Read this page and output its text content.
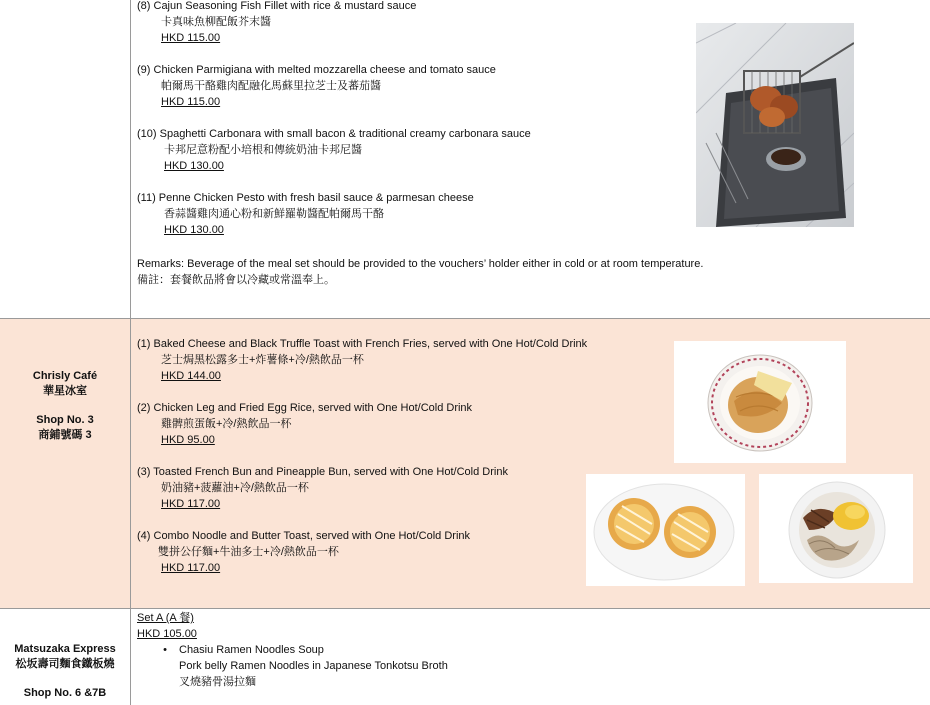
(8) Cajun Seasoning Fish Fillet with rice & mustard sauce
卡真味魚柳配飯芥末醬
HKD 115.00
(9) Chicken Parmigiana with melted mozzarella cheese and tomato sauce
帕爾馬干酪雞肉配融化馬蘇里拉芝士及蕃茄醬
HKD 115.00
(10) Spaghetti Carbonara with small bacon & traditional creamy carbonara sauce
卡邦尼意粉配小培根和傳統奶油卡邦尼醬
HKD 130.00
(11) Penne Chicken Pesto with fresh basil sauce & parmesan cheese
香蒜醬雞肉通心粉和新鮮羅勒醬配帕爾馬干酪
HKD 130.00
Remarks: Beverage of the meal set should be provided to the vouchers’ holder either in cold or at room temperature.
備註：套餐飲品將會以冷藏或常溫奉上。
Chrisly Café
華星冰室
Shop No. 3
商鋪號碼 3
(1) Baked Cheese and Black Truffle Toast with French Fries, served with One Hot/Cold Drink
芝士焗黑松露多士+炸薯條+冷/熱飲品一杯
HKD 144.00
(2) Chicken Leg and Fried Egg Rice, served with One Hot/Cold Drink
雞髀煎蛋飯+冷/熱飲品一杯
HKD 95.00
(3) Toasted French Bun and Pineapple Bun, served with One Hot/Cold Drink
奶油豬+菠蘿油+冷/熱飲品一杯
HKD 117.00
(4) Combo Noodle and Butter Toast, served with One Hot/Cold Drink
雙拼公仔麵+牛油多士+冷/熱飲品一杯
HKD 117.00
Matsuzaka Express
松坂壽司麵食鐵板燒
Shop No. 6 &7B
Set A (A 餐)
HKD 105.00
•	Chasiu Ramen Noodles Soup
Pork belly Ramen Noodles in Japanese Tonkotsu Broth
叉燒豬骨湯拉麵
